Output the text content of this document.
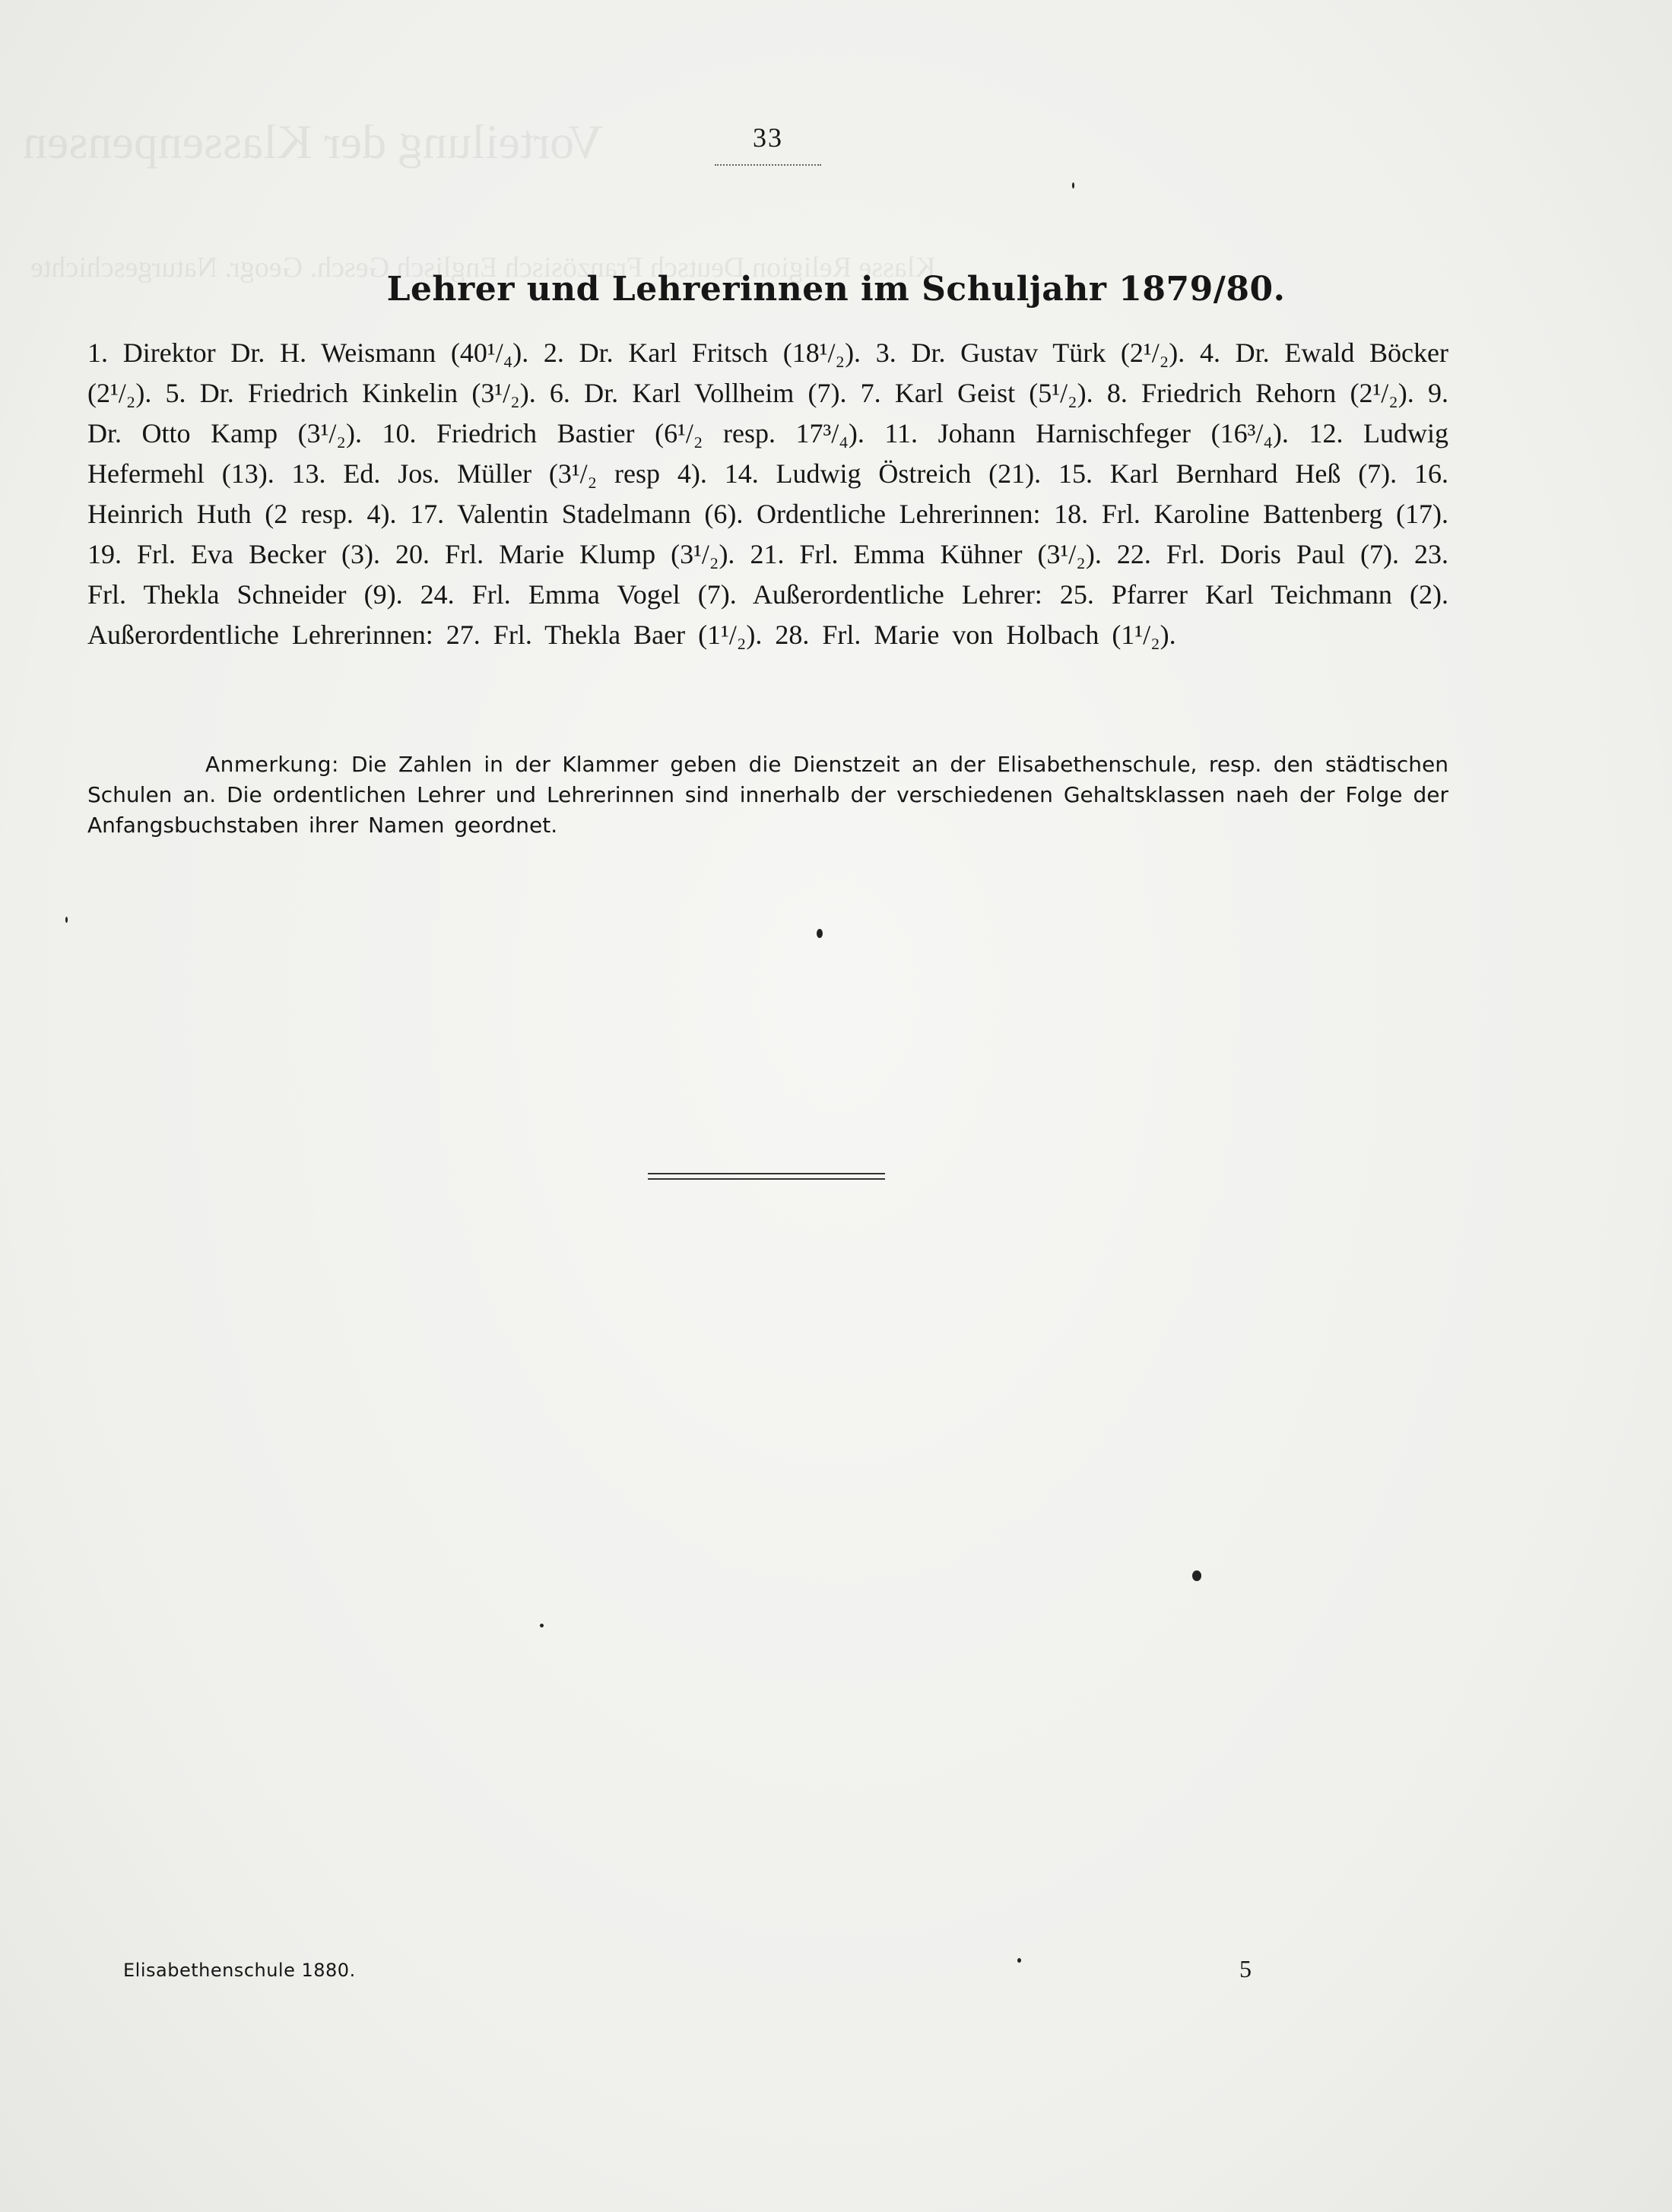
Vorteilung der Klassenpensen
Klasse Religion Deutsch Französisch Englisch Gesch. Geogr. Naturgeschichte
33
Lehrer und Lehrerinnen im Schuljahr 1879/80.
1. Direktor Dr. H. Weismann (40¹/₄). 2. Dr. Karl Fritsch (18¹/₂). 3. Dr. Gustav Türk (2¹/₂). 4. Dr. Ewald Böcker (2¹/₂). 5. Dr. Friedrich Kinkelin (3¹/₂). 6. Dr. Karl Vollheim (7). 7. Karl Geist (5¹/₂). 8. Friedrich Rehorn (2¹/₂). 9. Dr. Otto Kamp (3¹/₂). 10. Friedrich Bastier (6¹/₂ resp. 17³/₄). 11. Johann Harnischfeger (16³/₄). 12. Ludwig Hefermehl (13). 13. Ed. Jos. Müller (3¹/₂ resp 4). 14. Ludwig Östreich (21). 15. Karl Bernhard Heß (7). 16. Heinrich Huth (2 resp. 4). 17. Valentin Stadelmann (6). Ordentliche Lehrerinnen: 18. Frl. Karoline Battenberg (17). 19. Frl. Eva Becker (3). 20. Frl. Marie Klump (3¹/₂). 21. Frl. Emma Kühner (3¹/₂). 22. Frl. Doris Paul (7). 23. Frl. Thekla Schneider (9). 24. Frl. Emma Vogel (7). Außerordentliche Lehrer: 25. Pfarrer Karl Teichmann (2). Außerordentliche Lehrerinnen: 27. Frl. Thekla Baer (1¹/₂). 28. Frl. Marie von Holbach (1¹/₂).
Anmerkung: Die Zahlen in der Klammer geben die Dienstzeit an der Elisabethenschule, resp. den städtischen Schulen an. Die ordentlichen Lehrer und Lehrerinnen sind innerhalb der verschiedenen Gehaltsklassen naeh der Folge der Anfangsbuchstaben ihrer Namen geordnet.
Elisabethenschule 1880.	5
